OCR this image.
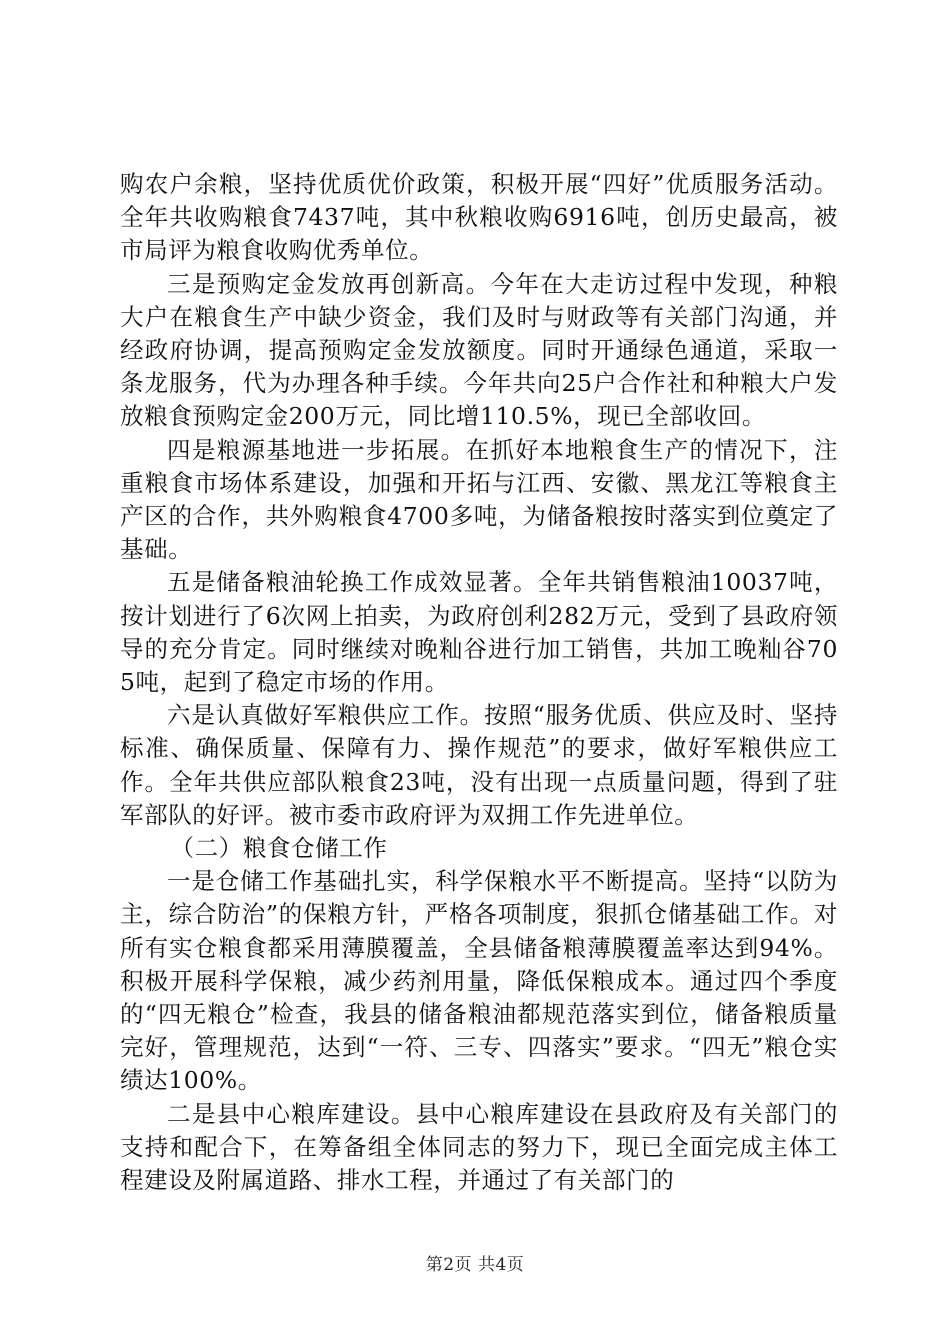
购农户余粮，坚持优质优价政策，积极开展“四好”优质服务活动。全年共收购粮食7437吨，其中秋粮收购6916吨，创历史最高，被市局评为粮食收购优秀单位。

三是预购定金发放再创新高。今年在大走访过程中发现，种粮大户在粮食生产中缺少资金，我们及时与财政等有关部门沟通，并经政府协调，提高预购定金发放额度。同时开通绿色通道，采取一条龙服务，代为办理各种手续。今年共向25户合作社和种粮大户发放粮食预购定金200万元，同比增110.5%，现已全部收回。

四是粮源基地进一步拓展。在抓好本地粮食生产的情况下，注重粮食市场体系建设，加强和开拓与江西、安徽、黑龙江等粮食主产区的合作，共外购粮食4700多吨，为储备粮按时落实到位奠定了基础。

五是储备粮油轮换工作成效显著。全年共销售粮油10037吨，按计划进行了6次网上拍卖，为政府创利282万元，受到了县政府领导的充分肯定。同时继续对晚籼谷进行加工销售，共加工晚籼谷705吨，起到了稳定市场的作用。

六是认真做好军粮供应工作。按照“服务优质、供应及时、坚持标准、确保质量、保障有力、操作规范”的要求，做好军粮供应工作。全年共供应部队粮食23吨，没有出现一点质量问题，得到了驻军部队的好评。被市委市政府评为双拥工作先进单位。

（二）粮食仓储工作

一是仓储工作基础扎实，科学保粮水平不断提高。坚持“以防为主，综合防治”的保粮方针，严格各项制度，狠抓仓储基础工作。对所有实仓粮食都采用薄膜覆盖，全县储备粮薄膜覆盖率达到94%。积极开展科学保粮，减少药剂用量，降低保粮成本。通过四个季度的“四无粮仓”检查，我县的储备粮油都规范落实到位，储备粮质量完好，管理规范，达到“一符、三专、四落实”要求。“四无”粮仓实绩达100%。

二是县中心粮库建设。县中心粮库建设在县政府及有关部门的支持和配合下，在筹备组全体同志的努力下，现已全面完成主体工程建设及附属道路、排水工程，并通过了有关部门的

第2页 共4页
